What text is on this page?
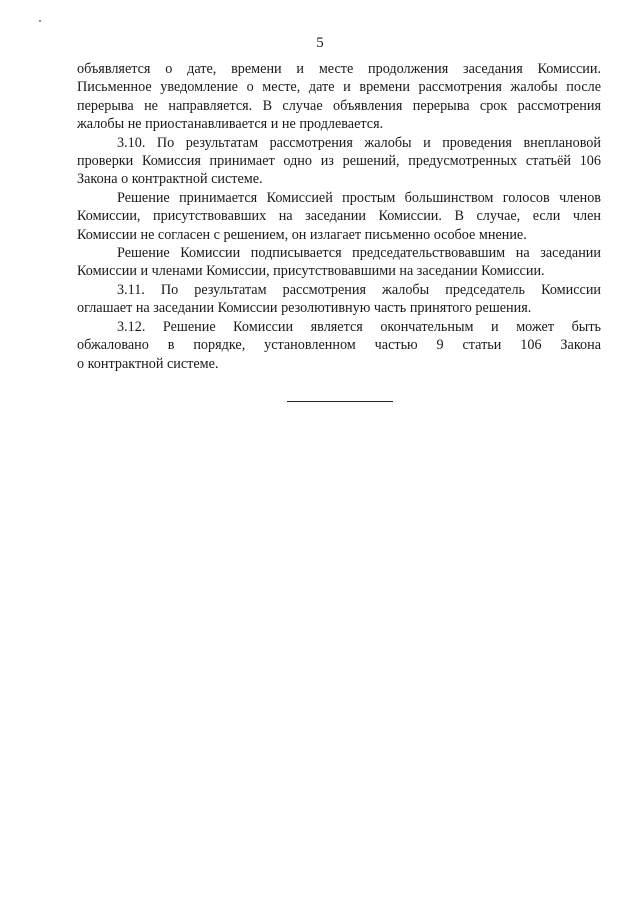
5
объявляется о дате, времени и месте продолжения заседания Комиссии.
Письменное уведомление о месте, дате и времени рассмотрения жалобы после
перерыва не направляется. В случае объявления перерыва срок рассмотрения
жалобы не приостанавливается и не продлевается.
3.10. По результатам рассмотрения жалобы и проведения внеплановой
проверки Комиссия принимает одно из решений, предусмотренных статьёй 106
Закона о контрактной системе.
Решение принимается Комиссией простым большинством голосов членов
Комиссии, присутствовавших на заседании Комиссии. В случае, если член
Комиссии не согласен с решением, он излагает письменно особое мнение.
Решение Комиссии подписывается председательствовавшим на заседании
Комиссии и членами Комиссии, присутствовавшими на заседании Комиссии.
3.11. По результатам рассмотрения жалобы председатель Комиссии
оглашает на заседании Комиссии резолютивную часть принятого решения.
3.12. Решение Комиссии является окончательным и может быть
обжаловано в порядке, установленном частью 9 статьи 106 Закона
о контрактной системе.
